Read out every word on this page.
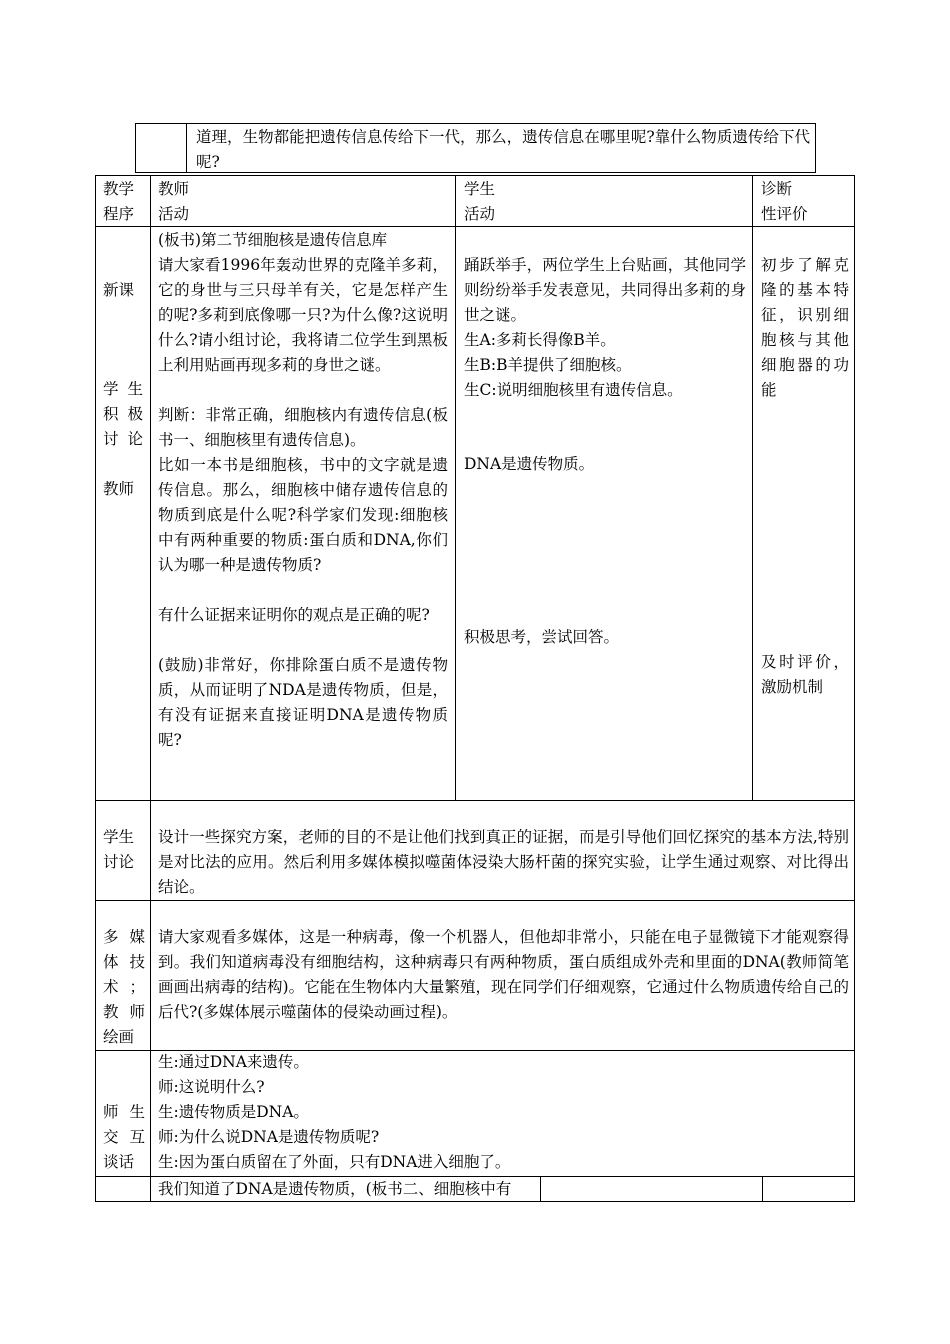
道理，生物都能把遗传信息传给下一代，那么，遗传信息在哪里呢?靠什么物质遗传给下代呢?

教学
程序
教师
活动
学生
活动
诊断
性评价
新课
学 生
积 极
讨论
教师

(板书)第二节细胞核是遗传信息库

请大家看1996年轰动世界的克隆羊多莉，它的身世与三只母羊有关，它是怎样产生的呢?多莉到底像哪一只?为什么像?这说明什么?请小组讨论，我将请二位学生到黑板上利用贴画再现多莉的身世之谜。

判断：非常正确，细胞核内有遗传信息(板书一、细胞核里有遗传信息)。

比如一本书是细胞核，书中的文字就是遗传信息。那么，细胞核中储存遗传信息的物质到底是什么呢?科学家们发现:细胞核中有两种重要的物质:蛋白质和DNA,你们认为哪一种是遗传物质?

有什么证据来证明你的观点是正确的呢?

(鼓励)非常好，你排除蛋白质不是遗传物质，从而证明了NDA是遗传物质，但是，有没有证据来直接证明DNA是遗传物质呢?

踊跃举手，两位学生上台贴画，其他同学则纷纷举手发表意见，共同得出多莉的身世之谜。

生A:多莉长得像B羊。

生B:B羊提供了细胞核。

生C:说明细胞核里有遗传信息。

DNA是遗传物质。

积极思考，尝试回答。

初步了解克隆的基本特征，识别细胞核与其他细胞器的功能

及时评价，激励机制

学生
讨论

设计一些探究方案，老师的目的不是让他们找到真正的证据，而是引导他们回忆探究的基本方法,特别是对比法的应用。然后利用多媒体模拟噬菌体浸染大肠杆菌的探究实验，让学生通过观察、对比得出结论。

多 媒
体 技
术 ；
教 师
绘画

请大家观看多媒体，这是一种病毒，像一个机器人，但他却非常小，只能在电子显微镜下才能观察得到。我们知道病毒没有细胞结构，这种病毒只有两种物质，蛋白质组成外壳和里面的DNA(教师简笔画画出病毒的结构)。它能在生物体内大量繁殖，现在同学们仔细观察，它通过什么物质遗传给自己的后代?(多媒体展示噬菌体的侵染动画过程)。

师 生
交 互
谈话
生:通过DNA来遗传。
师:这说明什么?
生:遗传物质是DNA。
师:为什么说DNA是遗传物质呢?
生:因为蛋白质留在了外面，只有DNA进入细胞了。

我们知道了DNA是遗传物质，(板书二、细胞核中有
